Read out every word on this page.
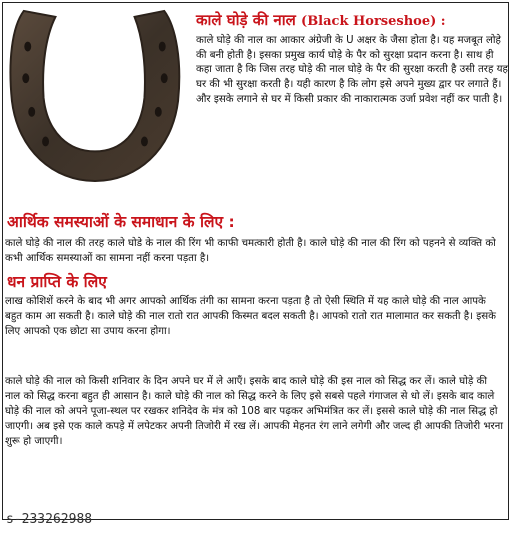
काले घोड़े की नाल (Black Horseshoe) :
काले घोड़े की नाल का आकार अंग्रेजी के U अक्षर के जैसा होता है। यह मजबूत लोहे की बनी होती है। इसका प्रमुख कार्य घोड़े के पैर को सुरक्षा प्रदान करना है। साथ ही कहा जाता है कि जिस तरह घोड़े की नाल घोड़े के पैर की सुरक्षा करती है उसी तरह यह घर की भी सुरक्षा करती है। यही कारण है कि लोग इसे अपने मुख्य द्वार पर लगाते हैं। और इसके लगाने से घर में किसी प्रकार की नाकारात्मक उर्जा प्रवेश नहीं कर पाती है।
आर्थिक समस्याओं के समाधान के लिए :
काले घोड़े की नाल की तरह काले घोडे के नाल की रिंग भी काफी चमत्कारी होती है। काले घोड़े की नाल की रिंग को पहनने से व्यक्ति को कभी आर्थिक समस्याओं का सामना नहीं करना पड़ता है।
धन प्राप्ति के लिए
लाख कोशिशें करने के बाद भी अगर आपको आर्थिक तंगी का सामना करना पड़ता है तो ऐसी स्थिति में यह काले घोड़े की नाल आपके बहुत काम आ सकती है। काले घोड़े की नाल रातो रात आपकी किस्मत बदल सकती है। आपको रातो रात मालामात कर सकती है। इसके लिए आपको एक छोटा सा उपाय करना होगा।
काले घोड़े की नाल को किसी शनिवार के दिन अपने घर में ले आएँ। इसके बाद काले घोड़े की इस नाल को सिद्ध कर लें। काले घोड़े की नाल को सिद्ध करना बहुत ही आसान है। काले घोड़े की नाल को सिद्ध करने के लिए इसे सबसे पहले गंगाजल से धो लें। इसके बाद काले घोड़े की नाल को अपने पूजा-स्थल पर रखकर शनिदेव के मंत्र को 108 बार पढ़कर अभिमंत्रित कर लें। इससे काले घोड़े की नाल सिद्ध हो जाएगी। अब इसे एक काले कपड़े में लपेटकर अपनी तिजोरी में रख लें। आपकी मेहनत रंग लाने लगेगी और जल्द ही आपकी तिजोरी भरना शुरू हो जाएगी।
s-233262988
